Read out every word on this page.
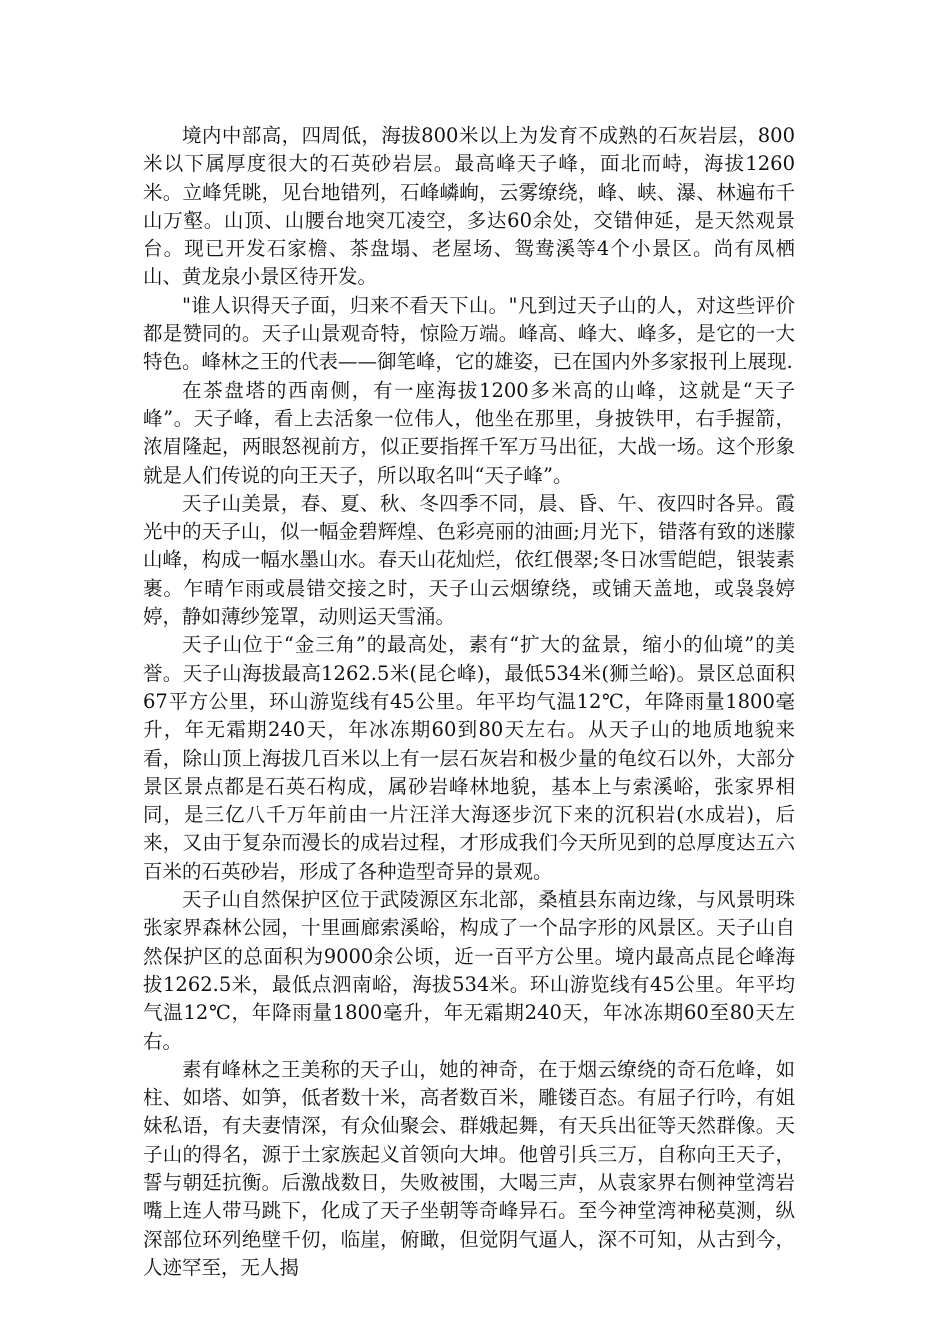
境内中部高，四周低，海拔800米以上为发育不成熟的石灰岩层，800米以下属厚度很大的石英砂岩层。最高峰天子峰，面北而峙，海拔1260米。立峰凭眺，见台地错列，石峰嶙峋，云雾缭绕，峰、峡、瀑、林遍布千山万壑。山顶、山腰台地突兀凌空，多达60余处，交错伸延，是天然观景台。现已开发石家檐、茶盘塌、老屋场、鸳鸯溪等4个小景区。尚有凤栖山、黄龙泉小景区待开发。

"谁人识得天子面，归来不看天下山。"凡到过天子山的人，对这些评价都是赞同的。天子山景观奇特，惊险万端。峰高、峰大、峰多，是它的一大特色。峰林之王的代表——御笔峰，它的雄姿，已在国内外多家报刊上展现.

在茶盘塔的西南侧，有一座海拔1200多米高的山峰，这就是“天子峰”。天子峰，看上去活象一位伟人，他坐在那里，身披铁甲，右手握箭，浓眉隆起，两眼怒视前方，似正要指挥千军万马出征，大战一场。这个形象就是人们传说的向王天子，所以取名叫“天子峰”。

天子山美景，春、夏、秋、冬四季不同，晨、昏、午、夜四时各异。霞光中的天子山，似一幅金碧辉煌、色彩亮丽的油画;月光下，错落有致的迷朦山峰，构成一幅水墨山水。春天山花灿烂，依红偎翠;冬日冰雪皑皑，银装素裹。乍晴乍雨或晨错交接之时，天子山云烟缭绕，或铺天盖地，或袅袅婷婷，静如薄纱笼罩，动则运天雪涌。

天子山位于“金三角”的最高处，素有“扩大的盆景，缩小的仙境”的美誉。天子山海拔最高1262.5米(昆仑峰)，最低534米(狮兰峪)。景区总面积67平方公里，环山游览线有45公里。年平均气温12℃，年降雨量1800毫升，年无霜期240天，年冰冻期60到80天左右。从天子山的地质地貌来看，除山顶上海拔几百米以上有一层石灰岩和极少量的龟纹石以外，大部分景区景点都是石英石构成，属砂岩峰林地貌，基本上与索溪峪，张家界相同，是三亿八千万年前由一片汪洋大海逐步沉下来的沉积岩(水成岩)，后来，又由于复杂而漫长的成岩过程，才形成我们今天所见到的总厚度达五六百米的石英砂岩，形成了各种造型奇异的景观。

天子山自然保护区位于武陵源区东北部，桑植县东南边缘，与风景明珠张家界森林公园，十里画廊索溪峪，构成了一个品字形的风景区。天子山自然保护区的总面积为9000余公顷，近一百平方公里。境内最高点昆仑峰海拔1262.5米，最低点泗南峪，海拔534米。环山游览线有45公里。年平均气温12℃，年降雨量1800毫升，年无霜期240天，年冰冻期60至80天左右。

素有峰林之王美称的天子山，她的神奇，在于烟云缭绕的奇石危峰，如柱、如塔、如笋，低者数十米，高者数百米，雕镂百态。有屈子行吟，有姐妹私语，有夫妻情深，有众仙聚会、群娥起舞，有天兵出征等天然群像。天子山的得名，源于土家族起义首领向大坤。他曾引兵三万，自称向王天子，誓与朝廷抗衡。后激战数日，失败被围，大喝三声，从袁家界右侧神堂湾岩嘴上连人带马跳下，化成了天子坐朝等奇峰异石。至今神堂湾神秘莫测，纵深部位环列绝壁千仞，临崖，俯瞰，但觉阴气逼人，深不可知，从古到今，人迹罕至，无人揭
